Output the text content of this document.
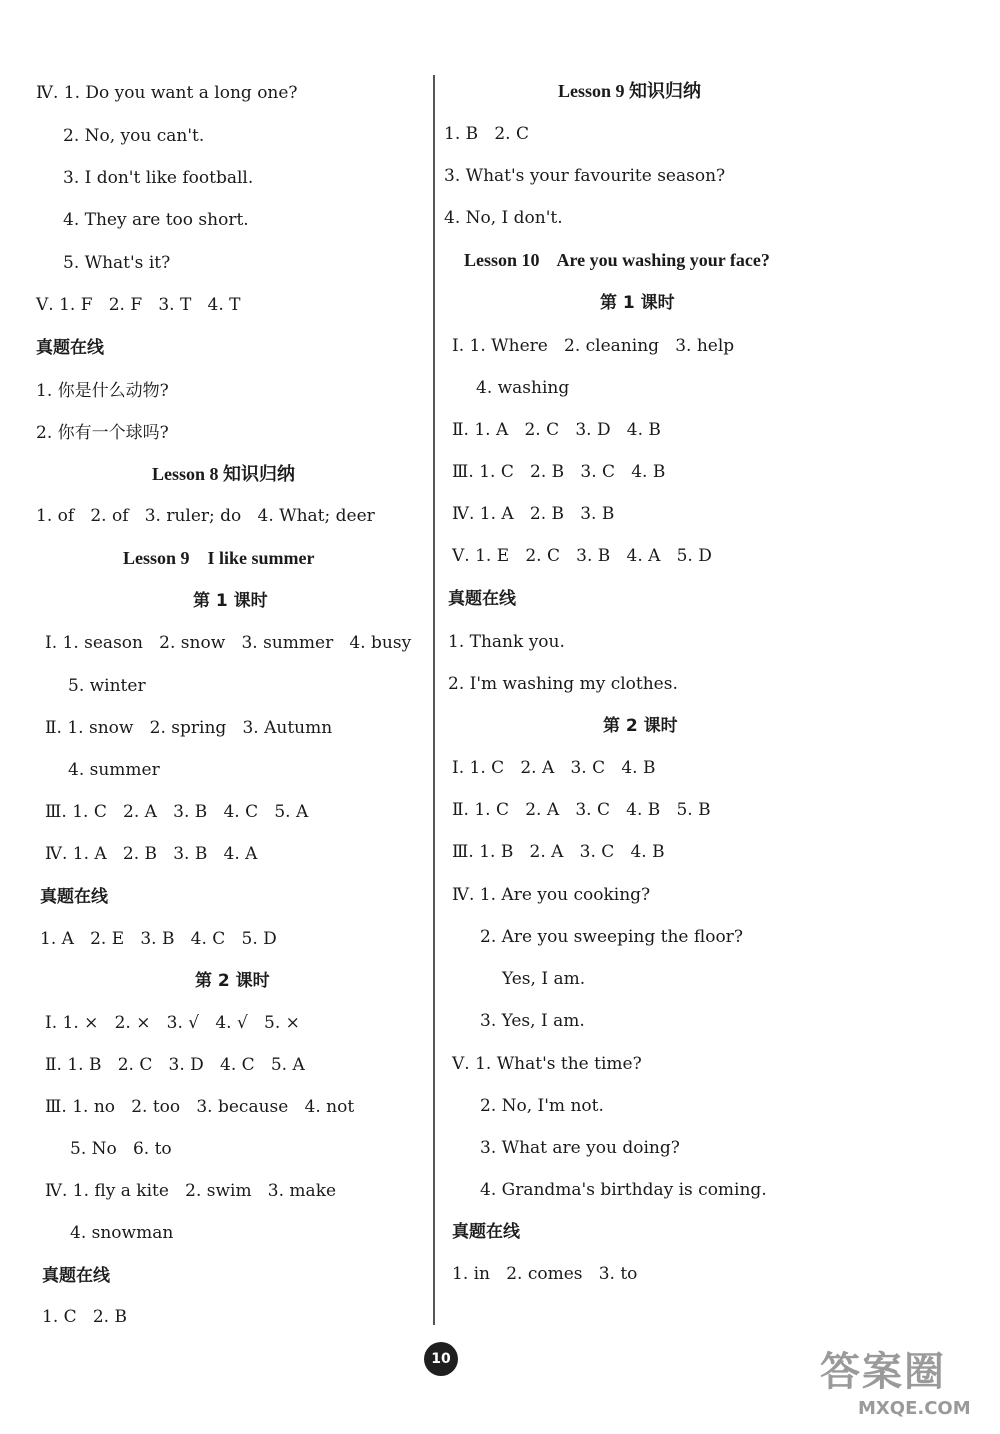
Ⅳ. 1. Do you want a long one?
2. No, you can't.
3. I don't like football.
4. They are too short.
5. What's it?
Ⅴ. 1. F   2. F   3. T   4. T
真题在线
1. 你是什么动物?
2. 你有一个球吗?
Lesson 8 知识归纳
1. of   2. of   3. ruler; do   4. What; deer
Lesson 9    I like summer
第 1 课时
Ⅰ. 1. season   2. snow   3. summer   4. busy
5. winter
Ⅱ. 1. snow   2. spring   3. Autumn
4. summer
Ⅲ. 1. C   2. A   3. B   4. C   5. A
Ⅳ. 1. A   2. B   3. B   4. A
真题在线
1. A   2. E   3. B   4. C   5. D
第 2 课时
Ⅰ. 1. ×   2. ×   3. √   4. √   5. ×
Ⅱ. 1. B   2. C   3. D   4. C   5. A
Ⅲ. 1. no   2. too   3. because   4. not
5. No   6. to
Ⅳ. 1. fly a kite   2. swim   3. make
4. snowman
真题在线
1. C   2. B
Lesson 9 知识归纳
1. B   2. C
3. What's your favourite season?
4. No, I don't.
Lesson 10    Are you washing your face?
第 1 课时
Ⅰ. 1. Where   2. cleaning   3. help
4. washing
Ⅱ. 1. A   2. C   3. D   4. B
Ⅲ. 1. C   2. B   3. C   4. B
Ⅳ. 1. A   2. B   3. B
Ⅴ. 1. E   2. C   3. B   4. A   5. D
真题在线
1. Thank you.
2. I'm washing my clothes.
第 2 课时
Ⅰ. 1. C   2. A   3. C   4. B
Ⅱ. 1. C   2. A   3. C   4. B   5. B
Ⅲ. 1. B   2. A   3. C   4. B
Ⅳ. 1. Are you cooking?
2. Are you sweeping the floor?
Yes, I am.
3. Yes, I am.
Ⅴ. 1. What's the time?
2. No, I'm not.
3. What are you doing?
4. Grandma's birthday is coming.
真题在线
1. in   2. comes   3. to
10	答案圈
MXQE.COM
